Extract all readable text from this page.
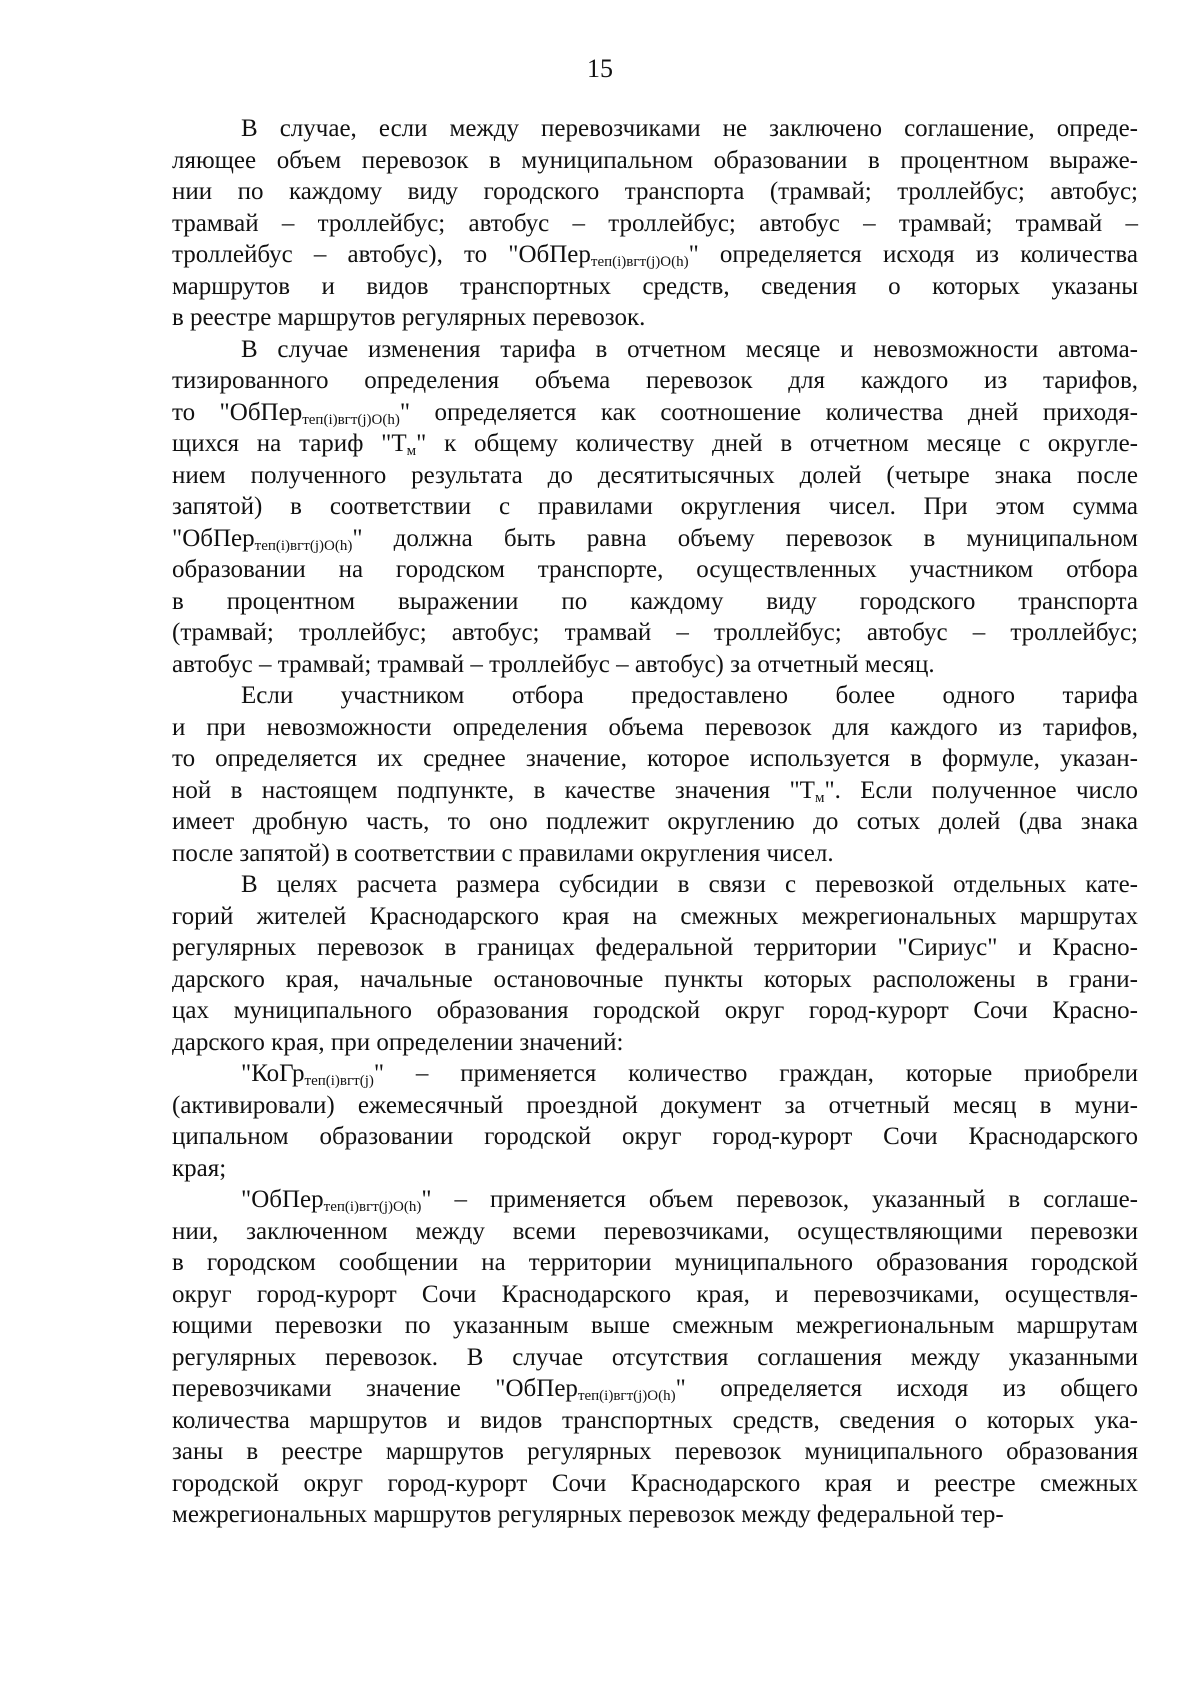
15
В случае, если между перевозчиками не заключено соглашение, опреде-
ляющее объем перевозок в муниципальном образовании в процентном выраже-
нии по каждому виду городского транспорта (трамвай; троллейбус; автобус;
трамвай – троллейбус; автобус – троллейбус; автобус – трамвай; трамвай –
троллейбус – автобус), то "ОбПер$_{теп(i)вгт(j)О(h)}$" определяется исходя из количества
маршрутов и видов транспортных средств, сведения о которых указаны
в реестре маршрутов регулярных перевозок.
В случае изменения тарифа в отчетном месяце и невозможности автома-
тизированного определения объема перевозок для каждого из тарифов,
то "ОбПер$_{теп(i)вгт(j)О(h)}$" определяется как соотношение количества дней приходя-
щихся на тариф "$Т_м$" к общему количеству дней в отчетном месяце с округле-
нием полученного результата до десятитысячных долей (четыре знака после
запятой) в соответствии с правилами округления чисел. При этом сумма
"ОбПер$_{теп(i)вгт(j)О(h)}$" должна быть равна объему перевозок в муниципальном
образовании на городском транспорте, осуществленных участником отбора
в процентном выражении по каждому виду городского транспорта
(трамвай; троллейбус; автобус; трамвай – троллейбус; автобус – троллейбус;
автобус – трамвай; трамвай – троллейбус – автобус) за отчетный месяц.
Если участником отбора предоставлено более одного тарифа
и при невозможности определения объема перевозок для каждого из тарифов,
то определяется их среднее значение, которое используется в формуле, указан-
ной в настоящем подпункте, в качестве значения "$Т_м$". Если полученное число
имеет дробную часть, то оно подлежит округлению до сотых долей (два знака
после запятой) в соответствии с правилами округления чисел.
В целях расчета размера субсидии в связи с перевозкой отдельных кате-
горий жителей Краснодарского края на смежных межрегиональных маршрутах
регулярных перевозок в границах федеральной территории "Сириус" и Красно-
дарского края, начальные остановочные пункты которых расположены в грани-
цах муниципального образования городской округ город-курорт Сочи Красно-
дарского края, при определении значений:
"КоГр$_{теп(i)вгт(j)}$" – применяется количество граждан, которые приобрели
(активировали) ежемесячный проездной документ за отчетный месяц в муни-
ципальном образовании городской округ город-курорт Сочи Краснодарского
края;
"ОбПер$_{теп(i)вгт(j)О(h)}$" – применяется объем перевозок, указанный в соглаше-
нии, заключенном между всеми перевозчиками, осуществляющими перевозки
в городском сообщении на территории муниципального образования городской
округ город-курорт Сочи Краснодарского края, и перевозчиками, осуществля-
ющими перевозки по указанным выше смежным межрегиональным маршрутам
регулярных перевозок. В случае отсутствия соглашения между указанными
перевозчиками значение "ОбПер$_{теп(i)вгт(j)О(h)}$" определяется исходя из общего
количества маршрутов и видов транспортных средств, сведения о которых ука-
заны в реестре маршрутов регулярных перевозок муниципального образования
городской округ город-курорт Сочи Краснодарского края и реестре смежных
межрегиональных маршрутов регулярных перевозок между федеральной тер-
